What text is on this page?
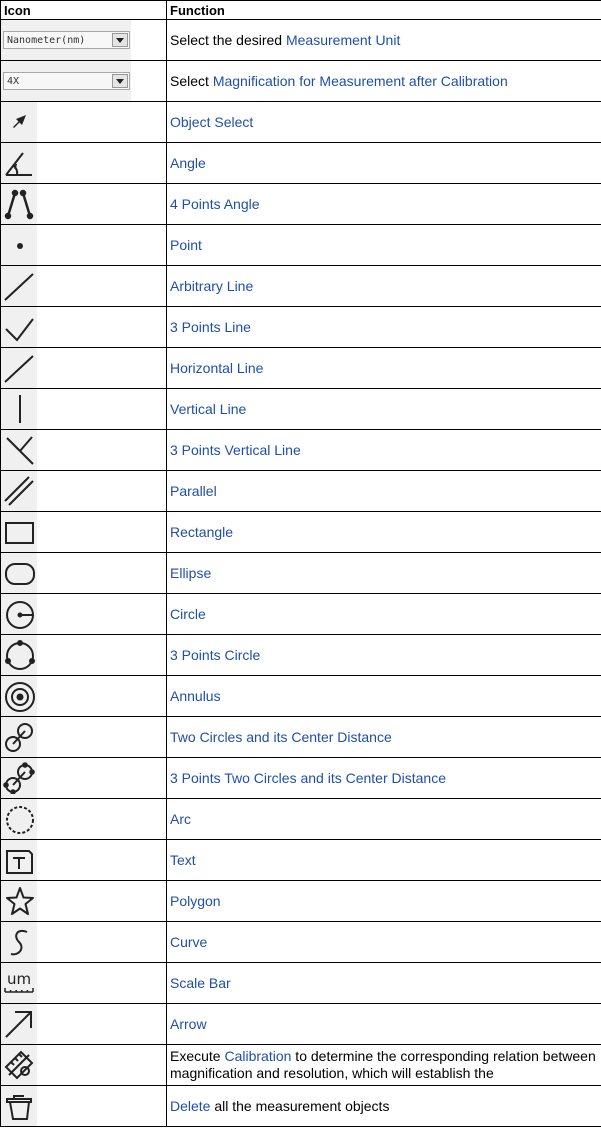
Icon	Function

Nanometer(nm)	Select the desired Measurement Unit

4X	Select Magnification for Measurement after Calibration

	Object Select

	Angle

	4 Points Angle

	Point

	Arbitrary Line

	3 Points Line

	Horizontal Line

	Vertical Line

	3 Points Vertical Line

	Parallel

	Rectangle

	Ellipse

	Circle

	3 Points Circle

	Annulus

	Two Circles and its Center Distance

	3 Points Two Circles and its Center Distance

	Arc

	Text

	Polygon

	Curve

um	Scale Bar

	Arrow

	Execute Calibration to determine the corresponding relation between magnification and resolution, which will establish the

	Delete all the measurement objects
